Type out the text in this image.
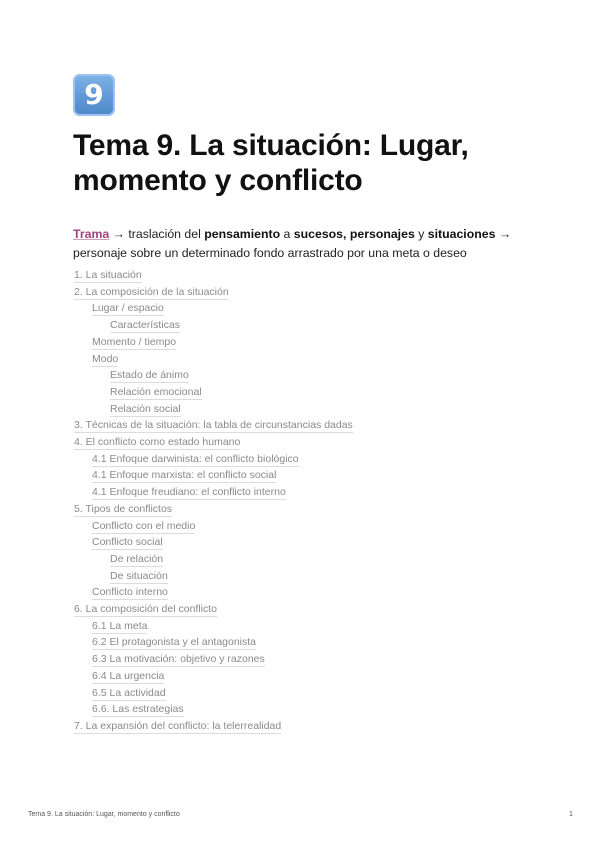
9
Tema 9. La situación: Lugar, momento y conflicto

Trama → traslación del pensamiento a sucesos, personajes y situaciones → personaje sobre un determinado fondo arrastrado por una meta o deseo

1. La situación
2. La composición de la situación
Lugar / espacio
Características
Momento / tiempo
Modo
Estado de ánimo
Relación emocional
Relación social
3. Técnicas de la situación: la tabla de circunstancias dadas
4. El conflicto como estado humano
4.1 Enfoque darwinista: el conflicto biológico
4.1 Enfoque marxista: el conflicto social
4.1 Enfoque freudiano: el conflicto interno
5. Tipos de conflictos
Conflicto con el medio
Conflicto social
De relación
De situación
Conflicto interno
6. La composición del conflicto
6.1 La meta
6.2 El protagonista y el antagonista
6.3 La motivación: objetivo y razones
6.4 La urgencia
6.5 La actividad
6.6. Las estrategias
7. La expansión del conflicto: la telerrealidad
Tema 9. La situación: Lugar, momento y conflicto	1
